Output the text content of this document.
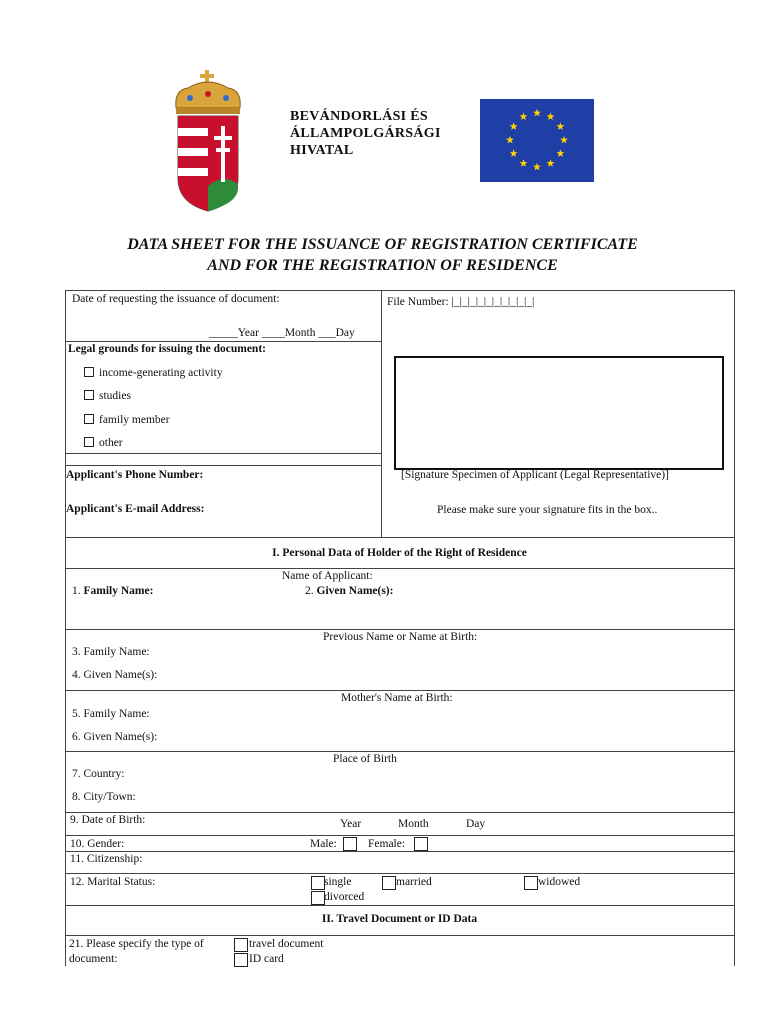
BEVÁNDORLÁSI ÉS
ÁLLAMPOLGÁRSÁGI
HIVATAL
DATA SHEET FOR THE ISSUANCE OF REGISTRATION CERTIFICATE
AND FOR THE REGISTRATION OF RESIDENCE
Date of requesting the issuance of document:
_____Year ____Month ___Day
File Number: |_|_|_|_|_|_|_|_|_|_|
Legal grounds for issuing the document:
income-generating activity
studies
family member
other
Applicant's Phone Number:
Applicant's E-mail Address:
[Signature Specimen of Applicant (Legal Representative)]
Please make sure your signature fits in the box..
I. Personal Data of Holder of the Right of Residence
Name of Applicant:
1. Family Name:	2. Given Name(s):
Previous Name or Name at Birth:
3. Family Name:
4. Given Name(s):
Mother's Name at Birth:
5. Family Name:
6. Given Name(s):
Place of Birth
7. Country:
8. City/Town:
9. Date of Birth:	Year	Month	Day
10. Gender:	Male:	Female:
11. Citizenship:
12. Marital Status:	single	married	widowed
divorced
II. Travel Document or ID Data
21. Please specify the type of
document:
travel document
ID card
